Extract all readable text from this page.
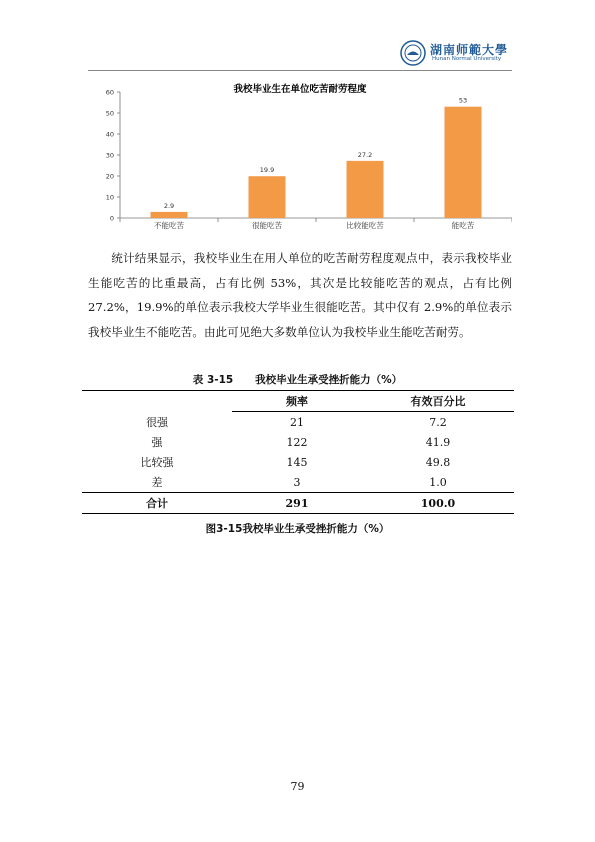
湖南师範大學
Hunan Normal University
我校毕业生在单位吃苦耐劳程度
0
10
20
30
40
50
60
2.9
19.9
27.2
53
不能吃苦	很能吃苦	比较能吃苦	能吃苦

统计结果显示，我校毕业生在用人单位的吃苦耐劳程度观点中，表示我校毕业生能吃苦的比重最高，占有比例 53%，其次是比较能吃苦的观点，占有比例 27.2%，19.9%的单位表示我校大学毕业生很能吃苦。其中仅有 2.9%的单位表示我校毕业生不能吃苦。由此可见绝大多数单位认为我校毕业生能吃苦耐劳。

表 3-15      我校毕业生承受挫折能力（%）
	频率	有效百分比
很强	21	7.2
强	122	41.9
比较强	145	49.8
差	3	1.0
合计	291	100.0
图3-15我校毕业生承受挫折能力（%）
79
